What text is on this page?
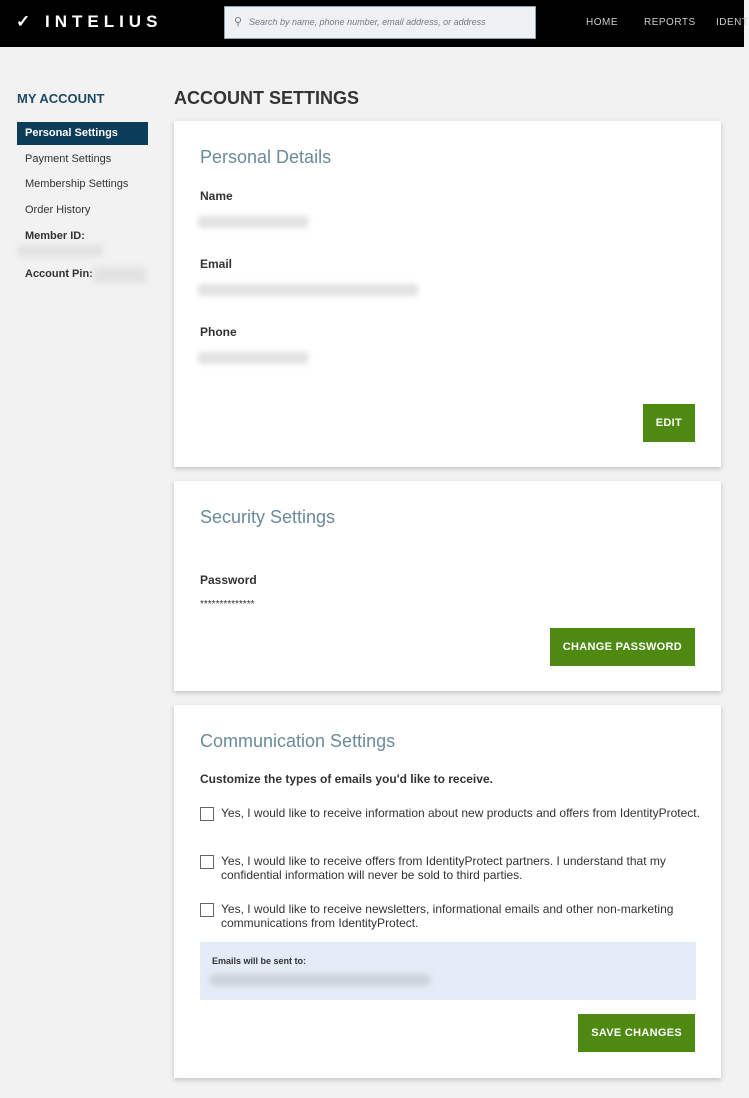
✓ INTELIUS	⚲ Search by name, phone number, email address, or address	HOME	REPORTS IDENT
MY ACCOUNT
Personal Settings
Payment Settings
Membership Settings
Order History
Member ID:
Account Pin:
ACCOUNT SETTINGS
Personal Details
Name
Email
Phone
EDIT
Security Settings
Password
**************
CHANGE PASSWORD
Communication Settings
Customize the types of emails you'd like to receive.
Yes, I would like to receive information about new products and offers from IdentityProtect.
Yes, I would like to receive offers from IdentityProtect partners. I understand that my confidential information will never be sold to third parties.
Yes, I would like to receive newsletters, informational emails and other non-marketing communications from IdentityProtect.
Emails will be sent to:
SAVE CHANGES
